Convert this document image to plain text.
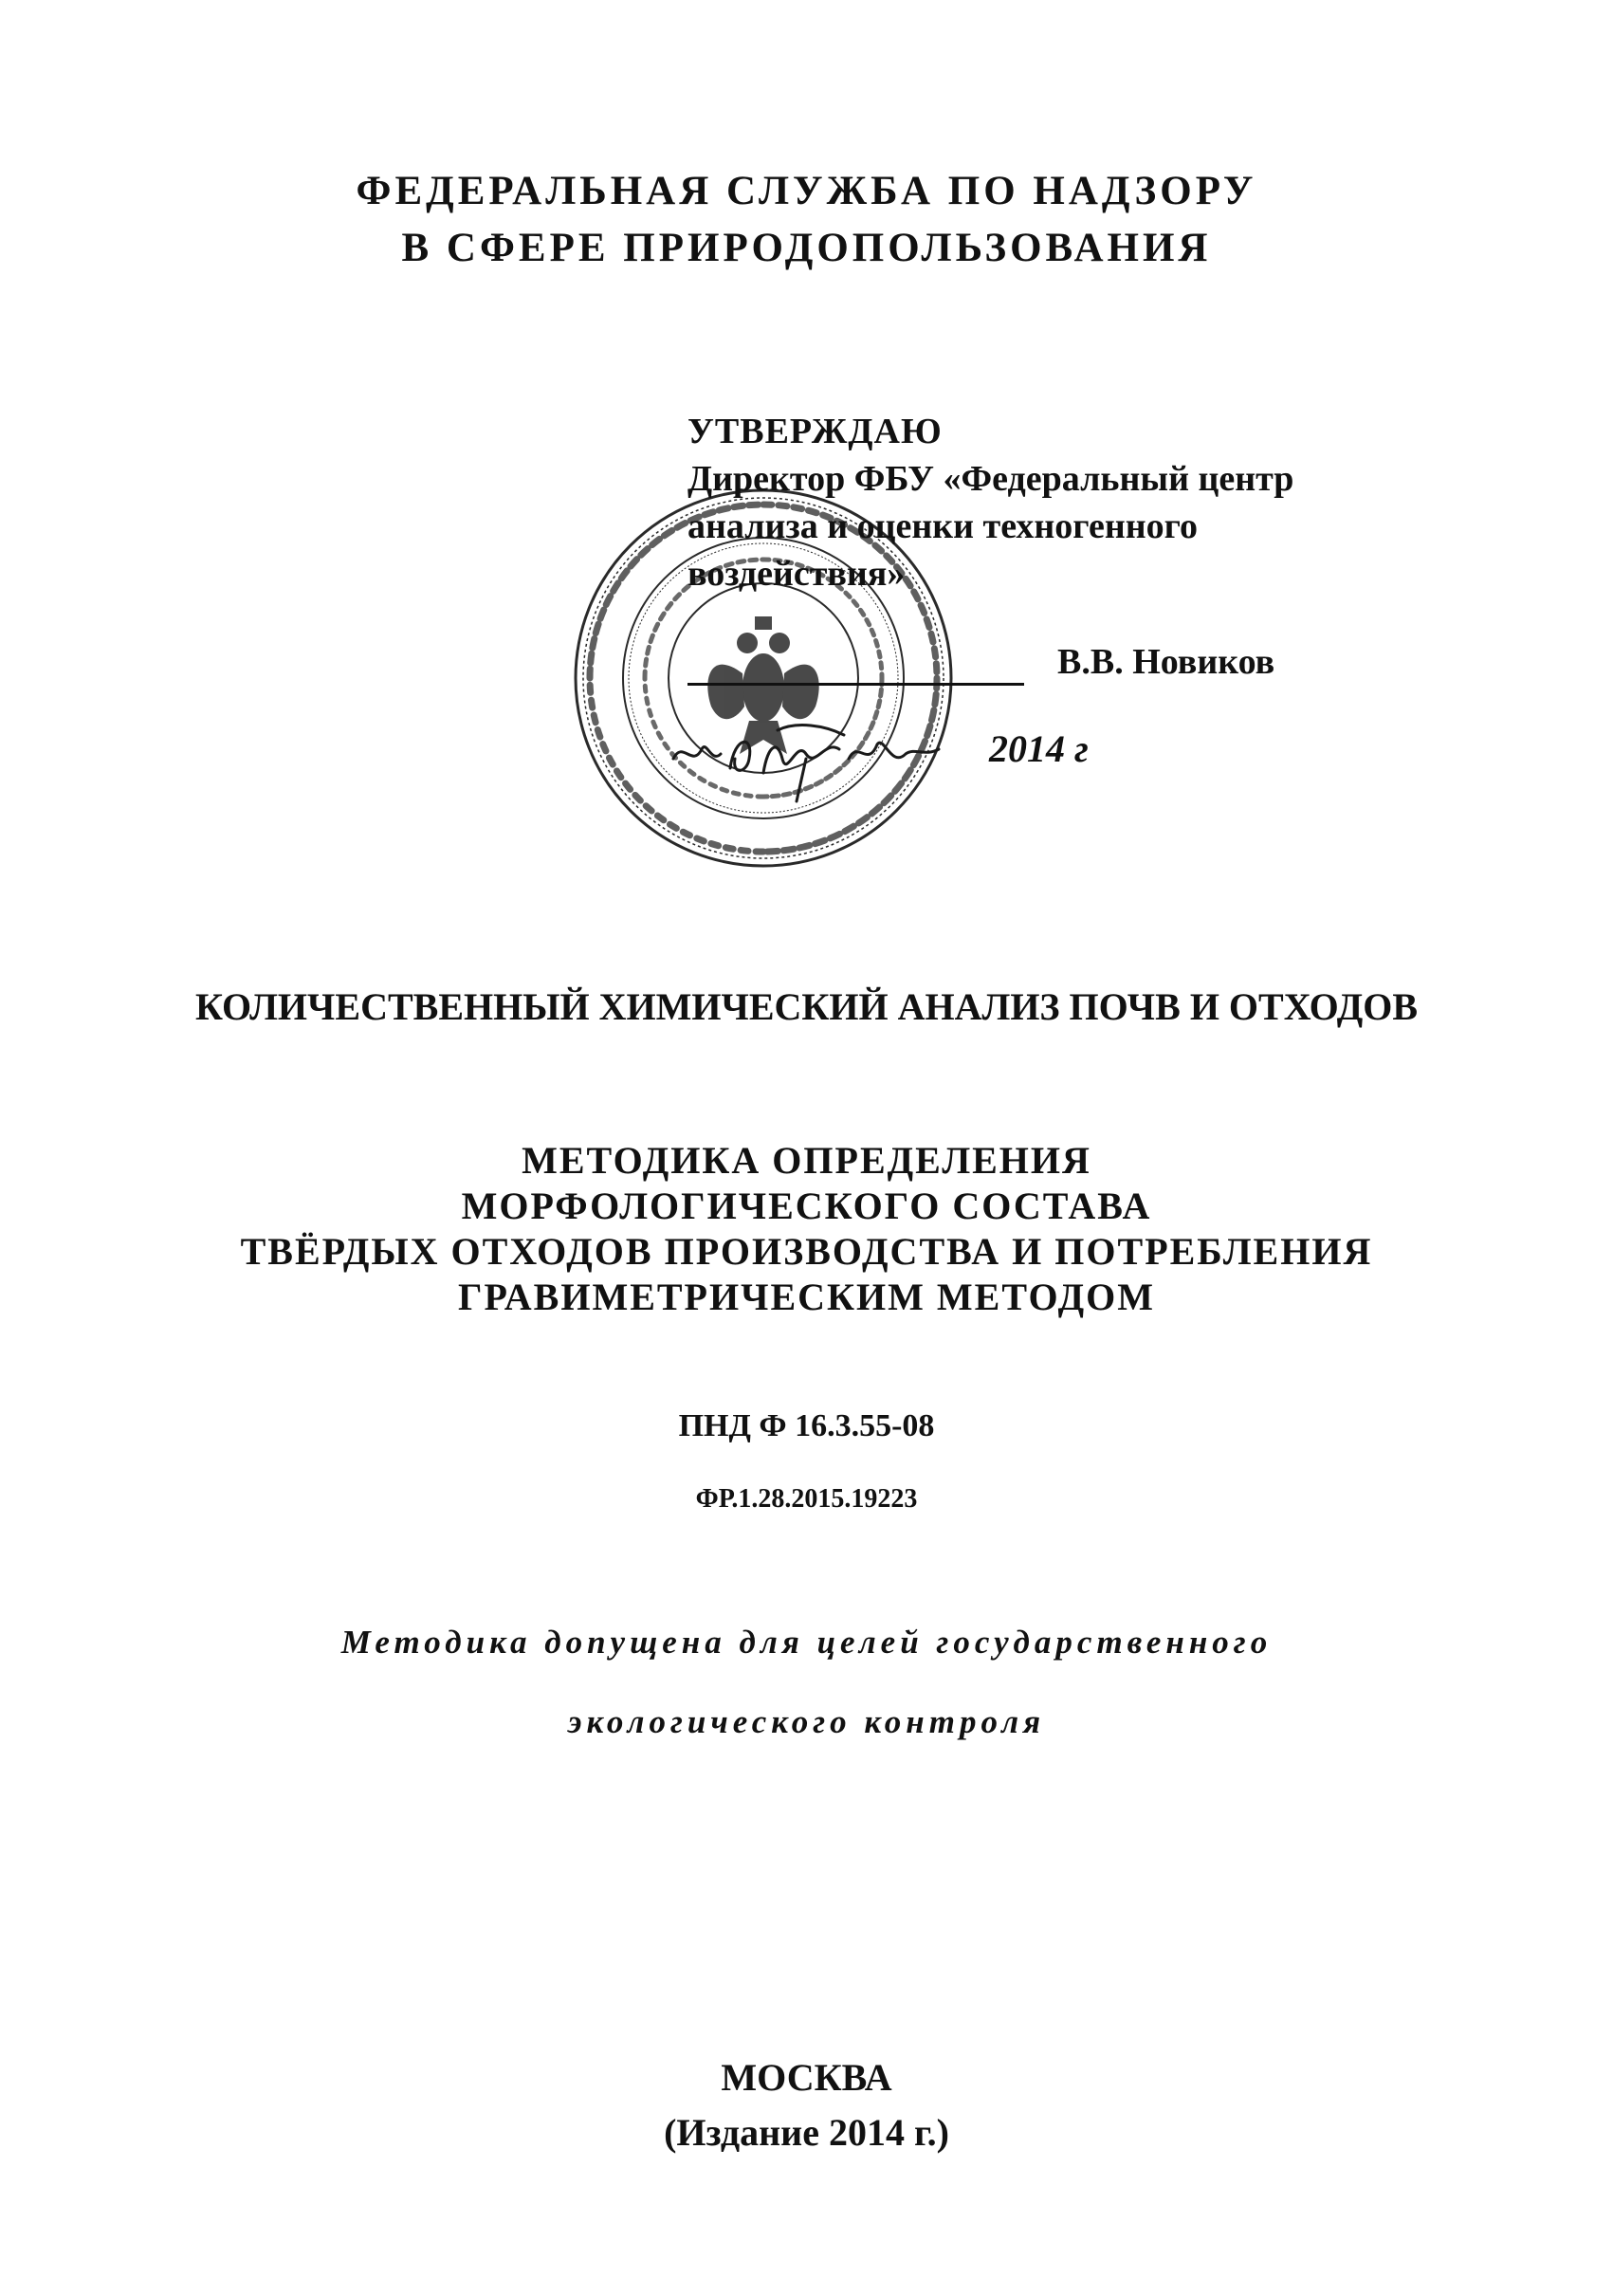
ФЕДЕРАЛЬНАЯ СЛУЖБА ПО НАДЗОРУ
В СФЕРЕ ПРИРОДОПОЛЬЗОВАНИЯ
УТВЕРЖДАЮ
Директор ФБУ «Федеральный центр
анализа и оценки техногенного
воздействия»
В.В. Новиков
2014 г
КОЛИЧЕСТВЕННЫЙ ХИМИЧЕСКИЙ АНАЛИЗ ПОЧВ И ОТХОДОВ
МЕТОДИКА ОПРЕДЕЛЕНИЯ
МОРФОЛОГИЧЕСКОГО СОСТАВА
ТВЁРДЫХ ОТХОДОВ ПРОИЗВОДСТВА И ПОТРЕБЛЕНИЯ
ГРАВИМЕТРИЧЕСКИМ МЕТОДОМ
ПНД Ф 16.3.55-08
ФР.1.28.2015.19223
Методика допущена для целей государственного
экологического контроля
МОСКВА
(Издание 2014 г.)
